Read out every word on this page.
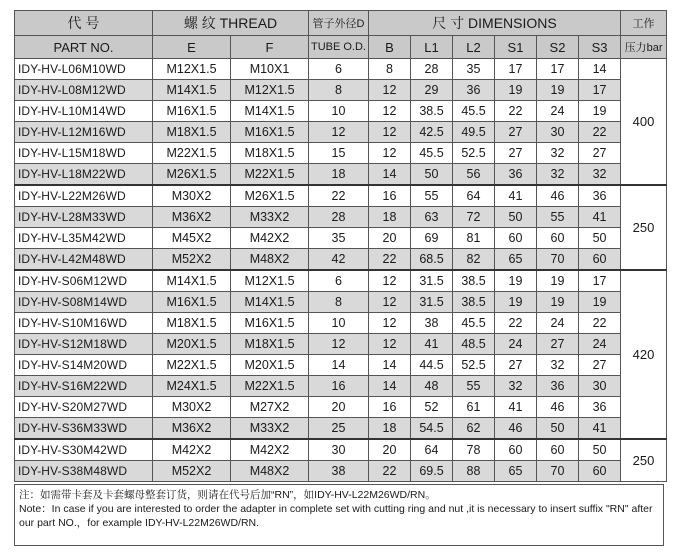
代 号	螺 纹 THREAD		管子外径D	尺 寸 DIMENSIONS						工作
PART NO.	E	F	TUBE O.D.	B	L1	L2	S1	S2	S3	压力bar
IDY-HV-L06M10WD	M12X1.5	M10X1	6	8	28	35	17	17	14	400
IDY-HV-L08M12WD	M14X1.5	M12X1.5	8	12	29	36	19	19	17	
IDY-HV-L10M14WD	M16X1.5	M14X1.5	10	12	38.5	45.5	22	24	19	
IDY-HV-L12M16WD	M18X1.5	M16X1.5	12	12	42.5	49.5	27	30	22	
IDY-HV-L15M18WD	M22X1.5	M18X1.5	15	12	45.5	52.5	27	32	27	
IDY-HV-L18M22WD	M26X1.5	M22X1.5	18	14	50	56	36	32	32	
IDY-HV-L22M26WD	M30X2	M26X1.5	22	16	55	64	41	46	36	250
IDY-HV-L28M33WD	M36X2	M33X2	28	18	63	72	50	55	41	
IDY-HV-L35M42WD	M45X2	M42X2	35	20	69	81	60	60	50	
IDY-HV-L42M48WD	M52X2	M48X2	42	22	68.5	82	65	70	60	
IDY-HV-S06M12WD	M14X1.5	M12X1.5	6	12	31.5	38.5	19	19	17	420
IDY-HV-S08M14WD	M16X1.5	M14X1.5	8	12	31.5	38.5	19	19	19	
IDY-HV-S10M16WD	M18X1.5	M16X1.5	10	12	38	45.5	22	24	22	
IDY-HV-S12M18WD	M20X1.5	M18X1.5	12	12	41	48.5	24	27	24	
IDY-HV-S14M20WD	M22X1.5	M20X1.5	14	14	44.5	52.5	27	32	27	
IDY-HV-S16M22WD	M24X1.5	M22X1.5	16	14	48	55	32	36	30	
IDY-HV-S20M27WD	M30X2	M27X2	20	16	52	61	41	46	36	
IDY-HV-S36M33WD	M36X2	M33X2	25	18	54.5	62	46	50	41	
IDY-HV-S30M42WD	M42X2	M42X2	30	20	64	78	60	60	50	250
IDY-HV-S38M48WD	M52X2	M48X2	38	22	69.5	88	65	70	60	
注：如需带卡套及卡套螺母整套订货，则请在代号后加“RN”，如IDY-HV-L22M26WD/RN。
Note：In case if you are interested to order the adapter in complete set with cutting ring and nut ,it is necessary to insert suffix "RN" after
our part NO.，for example IDY-HV-L22M26WD/RN.
